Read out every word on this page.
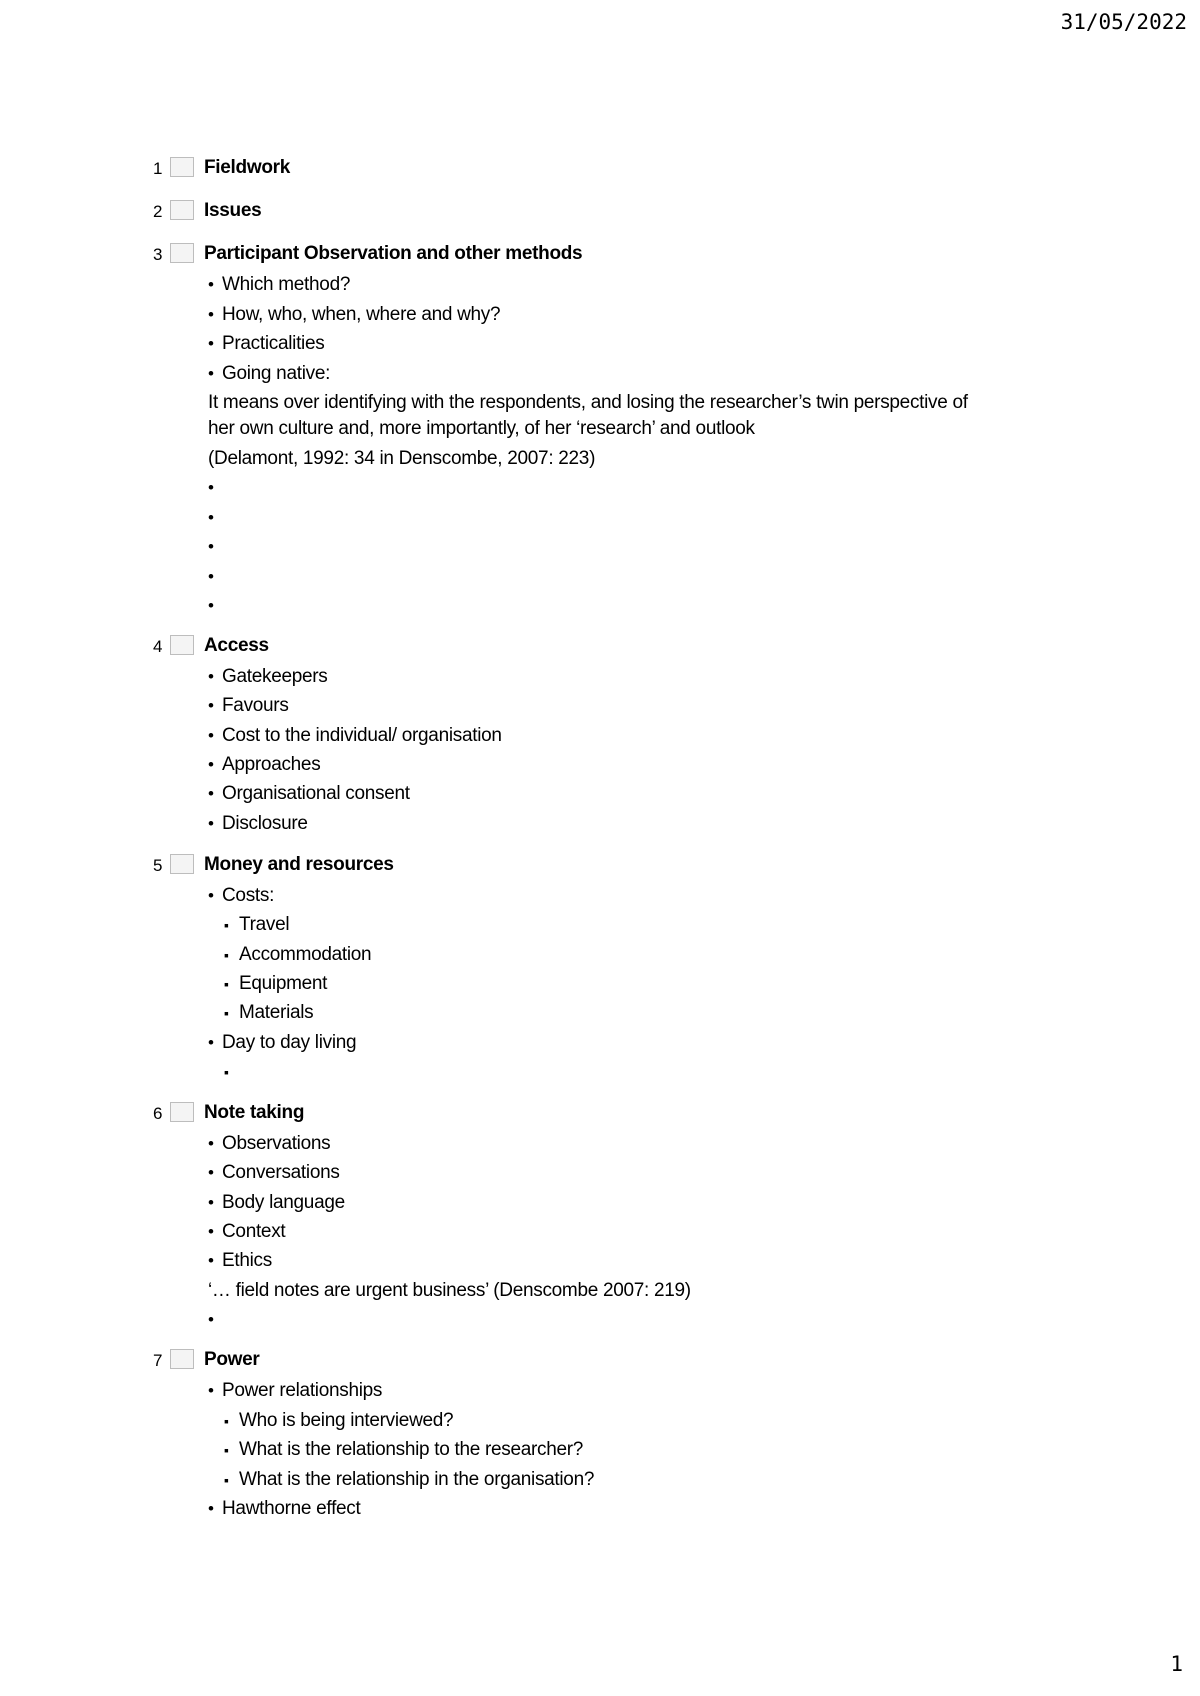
31/05/2022
1 Fieldwork
2 Issues
3 Participant Observation and other methods
• Which method?
• How, who, when, where and why?
• Practicalities
• Going native:
It means over identifying with the respondents, and losing the researcher’s twin perspective of
her own culture and, more importantly, of her ‘research’ and outlook
(Delamont, 1992: 34 in Denscombe, 2007: 223)
•
•
•
•
•
4 Access
• Gatekeepers
• Favours
• Cost to the individual/ organisation
• Approaches
• Organisational consent
• Disclosure
5 Money and resources
• Costs:
▪ Travel
▪ Accommodation
▪ Equipment
▪ Materials
• Day to day living
▪
6 Note taking
• Observations
• Conversations
• Body language
• Context
• Ethics
‘… field notes are urgent business’ (Denscombe 2007: 219)
•
7 Power
• Power relationships
▪ Who is being interviewed?
▪ What is the relationship to the researcher?
▪ What is the relationship in the organisation?
• Hawthorne effect
1
